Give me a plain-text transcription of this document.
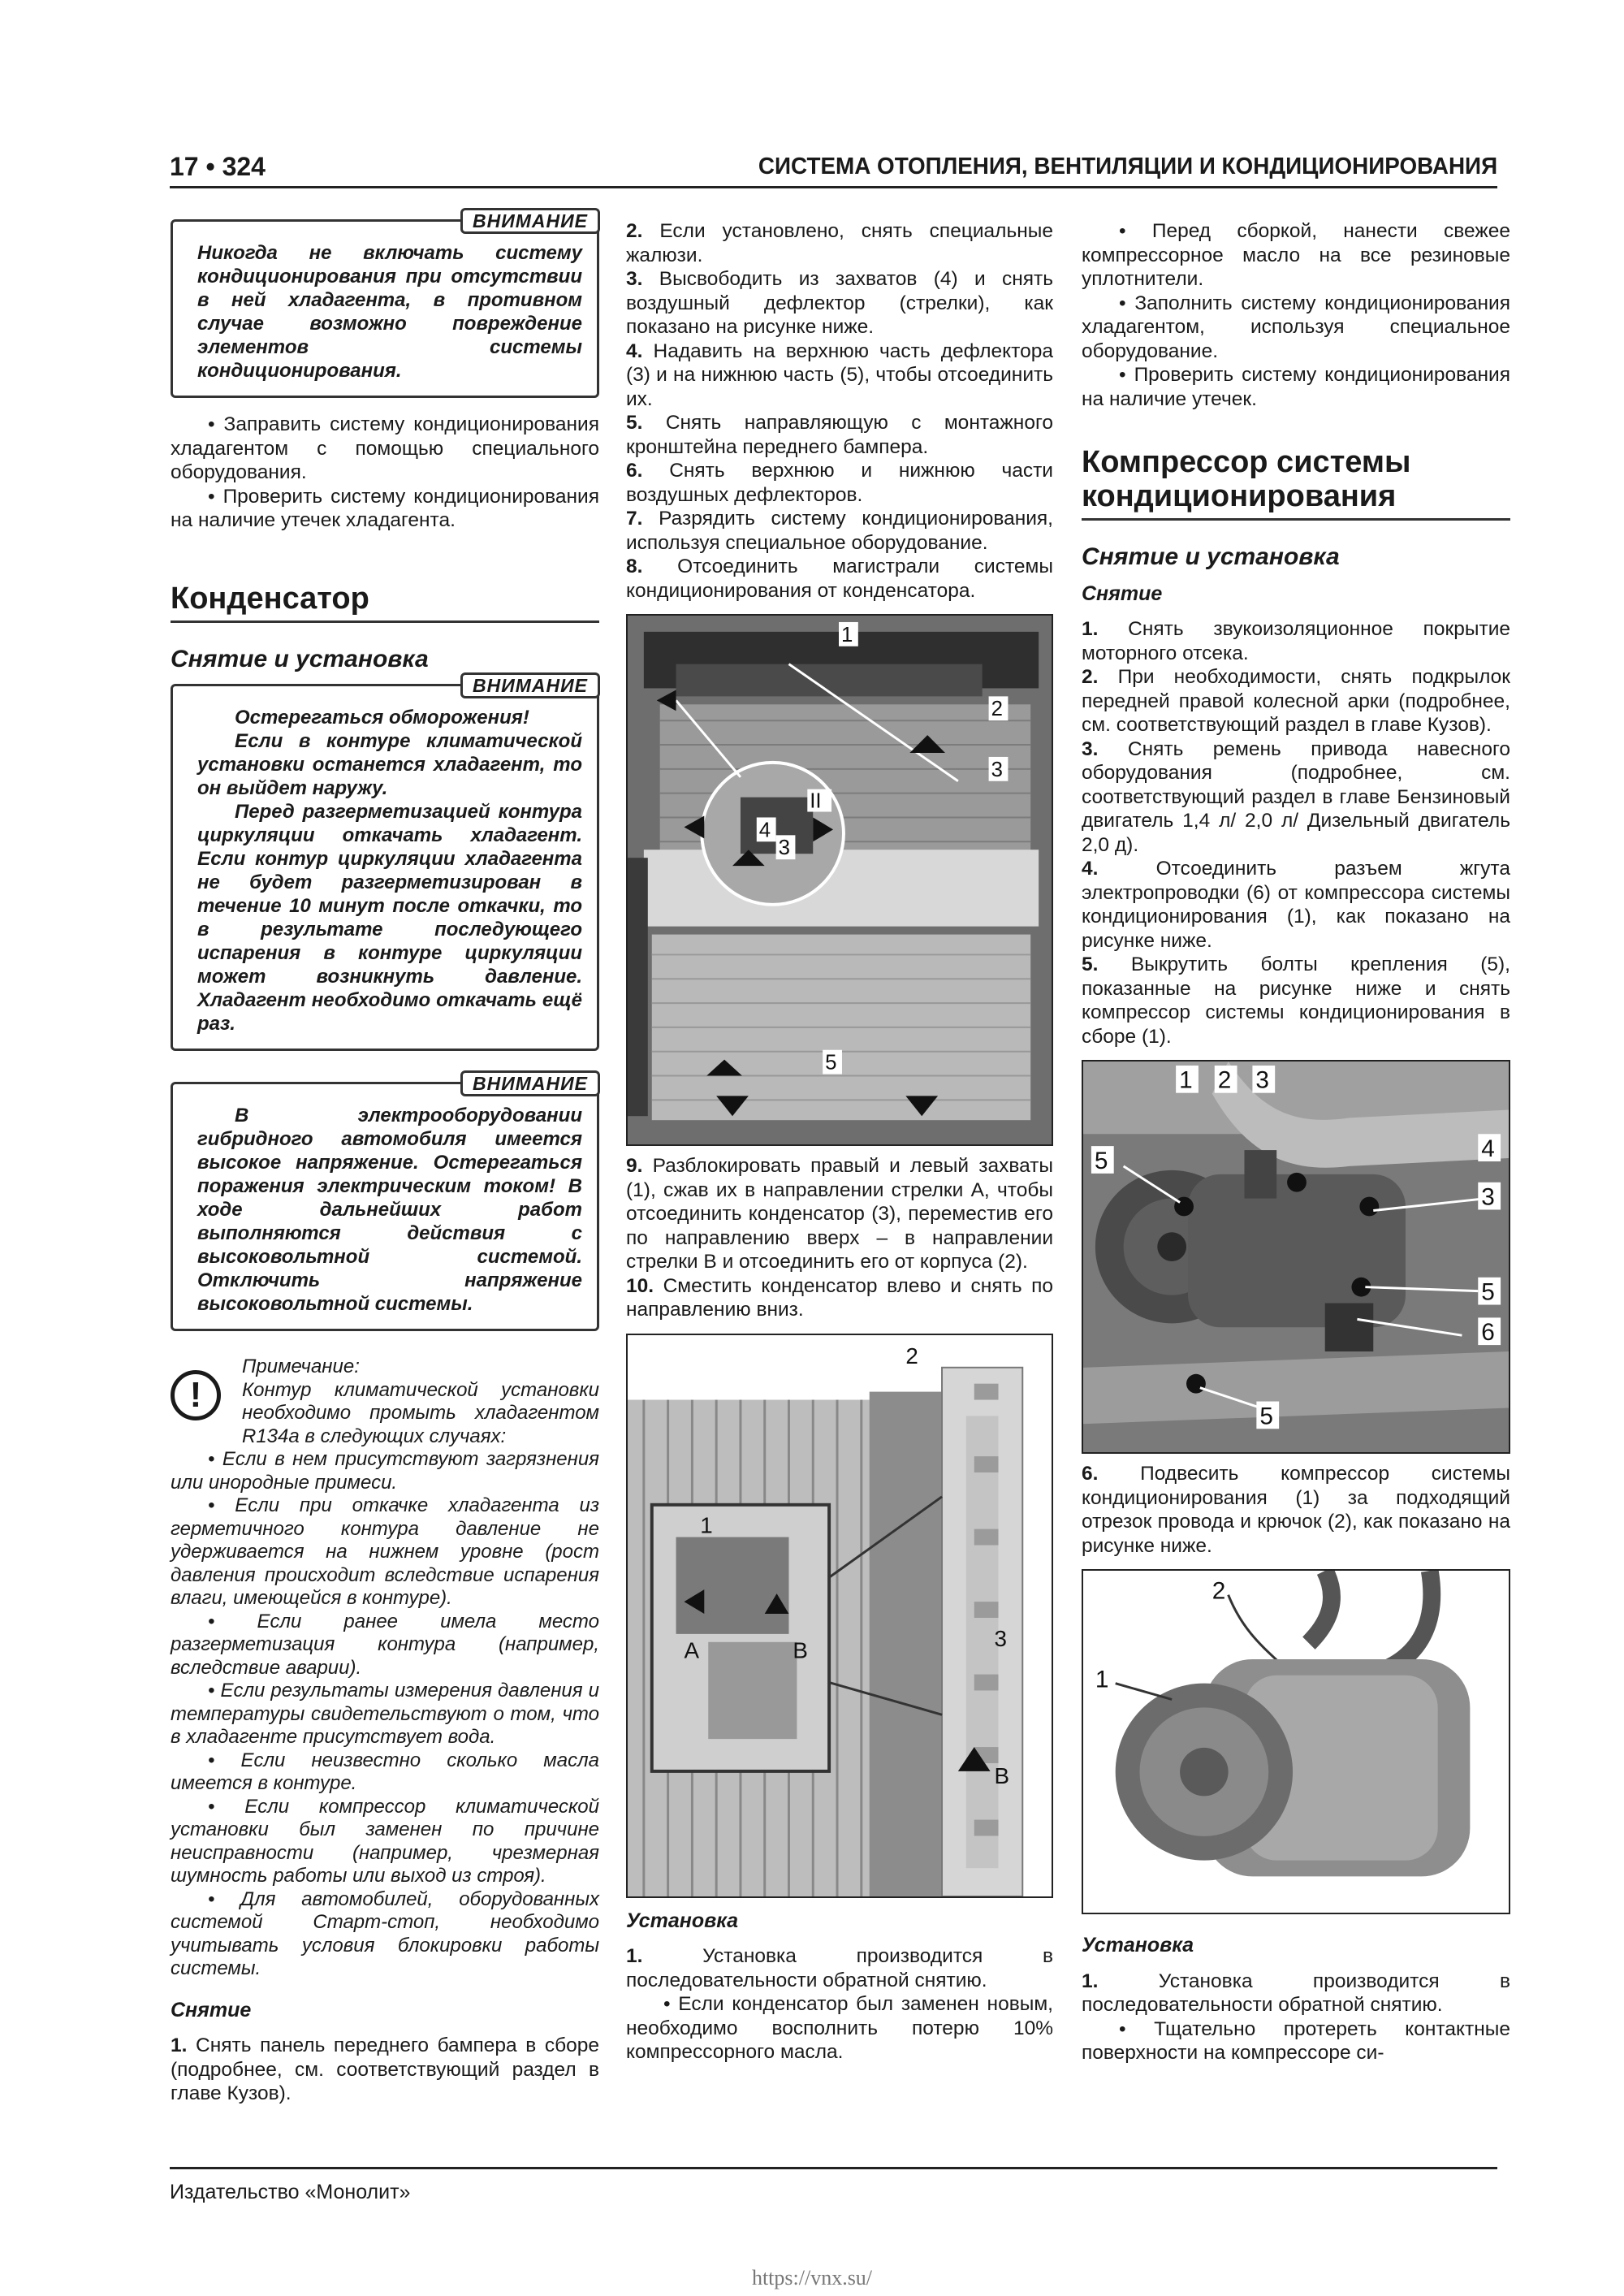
17 • 324	СИСТЕМА ОТОПЛЕНИЯ, ВЕНТИЛЯЦИИ И КОНДИЦИОНИРОВАНИЯ
ВНИМАНИЕ

Никогда не включать систему кондиционирования при отсутствии в ней хладагента, в противном случае возможно повреждение элементов системы кондиционирования.

• Заправить систему кондиционирования хладагентом с помощью специального оборудования.

• Проверить систему кондиционирования на наличие утечек хладагента.

Конденсатор
Снятие и установка
ВНИМАНИЕ

Остерегаться обморожения!

Если в контуре климатической установки останется хладагент, то он выйдет наружу.

Перед разгерметизацией контура циркуляции откачать хладагент. Если контур циркуляции хладагента не будет разгерметизирован в течение 10 минут после откачки, то в результате последующего испарения в контуре циркуляции может возникнуть давление. Хладагент необходимо откачать ещё раз.

ВНИМАНИЕ

В электрооборудовании гибридного автомобиля имеется высокое напряжение. Остерегаться поражения электрическим током! В ходе дальнейших работ выполняются действия с высоковольтной системой. Отключить напряжение высоковольтной системы.

!

Примечание:

Контур климатической установки необходимо промыть хладагентом R134a в следующих случаях:

• Если в нем присутствуют загрязнения или инородные примеси.

• Если при откачке хладагента из герметичного контура давление не удерживается на нижнем уровне (рост давления происходит вследствие испарения влаги, имеющейся в контуре).

• Если ранее имела место разгерметизация контура (например, вследствие аварии).

• Если результаты измерения давления и температуры свидетельствуют о том, что в хладагенте присутствует вода.

• Если неизвестно сколько масла имеется в контуре.

• Если компрессор климатической установки был заменен по причине неисправности (например, чрезмерная шумность работы или выход из строя).

• Для автомобилей, оборудованных системой Старт-стоп, необходимо учитывать условия блокировки работы системы.

Снятие

1. Снять панель переднего бампера в сборе (подробнее, см. соответствующий раздел в главе Кузов).

2. Если установлено, снять специальные жалюзи.

3. Высвободить из захватов (4) и снять воздушный дефлектор (стрелки), как показано на рисунке ниже.

4. Надавить на верхнюю часть дефлектора (3) и на нижнюю часть (5), чтобы отсоединить их.

5. Снять направляющую с монтажного кронштейна переднего бампера.

6. Снять верхнюю и нижнюю части воздушных дефлекторов.

7. Разрядить систему кондиционирования, используя специальное оборудование.

8. Отсоединить магистрали системы кондиционирования от конденсатора.

1
2
3
II
4
3
5

9. Разблокировать правый и левый захваты (1), сжав их в направлении стрелки А, чтобы отсоединить конденсатор (3), переместив его по направлению вверх – в направлении стрелки В и отсоединить его от корпуса (2).

10. Сместить конденсатор влево и снять по направлению вниз.

2
1
A	B	3
B
Установка

1.	Установка производится в последовательности обратной снятию.

• Если конденсатор был заменен новым, необходимо восполнить потерю 10% компрессорного масла.

• Перед сборкой, нанести свежее компрессорное масло на все резиновые уплотнители.

• Заполнить систему кондиционирования хладагентом, используя специальное оборудование.

• Проверить систему кондиционирования на наличие утечек.

Компрессор системы кондиционирования
Снятие и установка
Снятие

1. Снять звукоизоляционное покрытие моторного отсека.

2. При необходимости, снять подкрылок передней правой колесной арки (подробнее, см. соответствующий раздел в главе Кузов).

3. Снять ремень привода навесного оборудования (подробнее, см. соответствующий раздел в главе Бензиновый двигатель 1,4 л/ 2,0 л/ Дизельный двигатель 2,0 д).

4.	Отсоединить разъем жгута электропроводки (6) от компрессора системы кондиционирования (1), как показано на рисунке ниже.

5. Выкрутить болты крепления (5), показанные на рисунке ниже и снять компрессор системы кондиционирования в сборе (1).

1 2 3
5	4
3
5
6
5

6. Подвесить компрессор системы кондиционирования (1) за подходящий отрезок провода и крючок (2), как показано на рисунке ниже.

2
1
Установка

1.	Установка производится в последовательности обратной снятию.

• Тщательно протереть контактные поверхности на компрессоре си-

Издательство «Монолит»
https://vnx.su/
